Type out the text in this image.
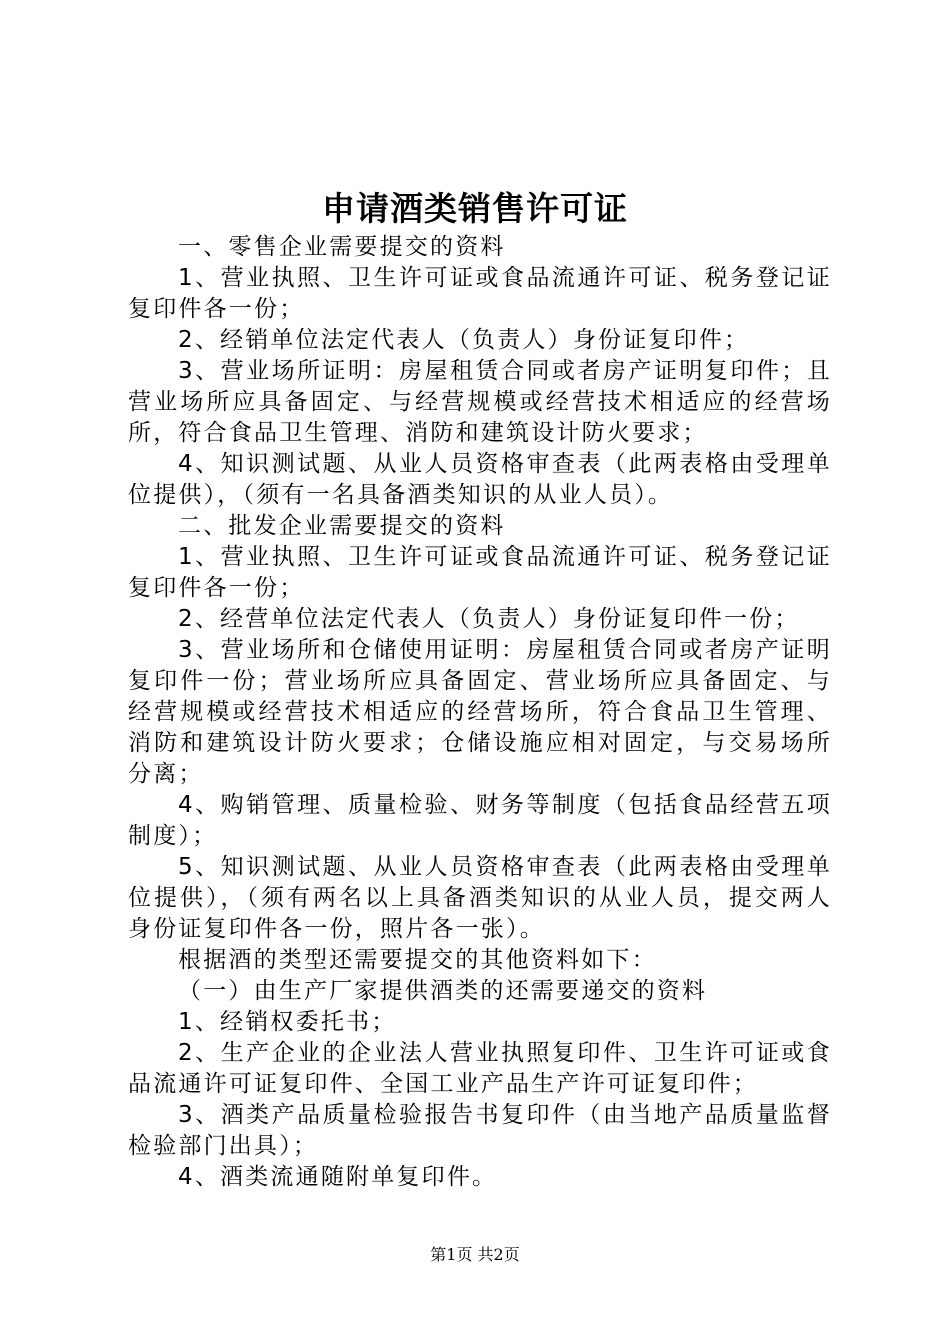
申请酒类销售许可证

一、零售企业需要提交的资料

1、营业执照、卫生许可证或食品流通许可证、税务登记证复印件各一份；

2、经销单位法定代表人（负责人）身份证复印件；

3、营业场所证明：房屋租赁合同或者房产证明复印件；且营业场所应具备固定、与经营规模或经营技术相适应的经营场所，符合食品卫生管理、消防和建筑设计防火要求；

4、知识测试题、从业人员资格审查表（此两表格由受理单位提供），（须有一名具备酒类知识的从业人员）。

二、批发企业需要提交的资料

1、营业执照、卫生许可证或食品流通许可证、税务登记证复印件各一份；

2、经营单位法定代表人（负责人）身份证复印件一份；

3、营业场所和仓储使用证明：房屋租赁合同或者房产证明复印件一份；营业场所应具备固定、营业场所应具备固定、与经营规模或经营技术相适应的经营场所，符合食品卫生管理、消防和建筑设计防火要求；仓储设施应相对固定，与交易场所分离；

4、购销管理、质量检验、财务等制度（包括食品经营五项制度）；

5、知识测试题、从业人员资格审查表（此两表格由受理单位提供），（须有两名以上具备酒类知识的从业人员，提交两人身份证复印件各一份，照片各一张）。

根据酒的类型还需要提交的其他资料如下：

（一）由生产厂家提供酒类的还需要递交的资料

1、经销权委托书；

2、生产企业的企业法人营业执照复印件、卫生许可证或食品流通许可证复印件、全国工业产品生产许可证复印件；

3、酒类产品质量检验报告书复印件（由当地产品质量监督检验部门出具）；

4、酒类流通随附单复印件。

第1页 共2页
